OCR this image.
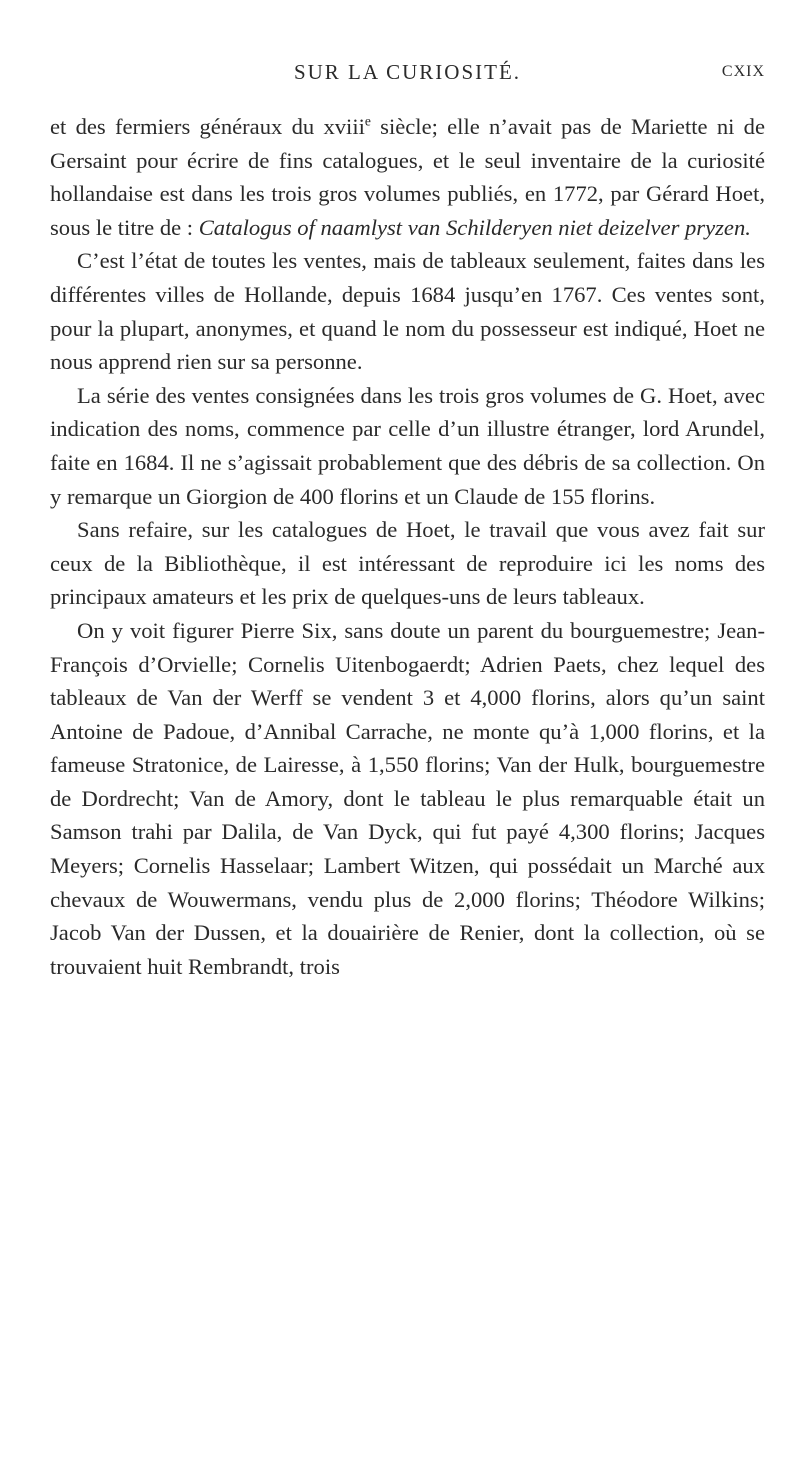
SUR LA CURIOSITÉ.	CXIX

et des fermiers généraux du xviii$^e$ siècle; elle n’avait pas de Mariette ni de Gersaint pour écrire de fins catalogues, et le seul inventaire de la curiosité hollandaise est dans les trois gros volumes publiés, en 1772, par Gérard Hoet, sous le titre de : Catalogus of naamlyst van Schilderyen niet deizelver pryzen.

C’est l’état de toutes les ventes, mais de tableaux seulement, faites dans les différentes villes de Hollande, depuis 1684 jusqu’en 1767. Ces ventes sont, pour la plupart, anonymes, et quand le nom du possesseur est indiqué, Hoet ne nous apprend rien sur sa personne.

La série des ventes consignées dans les trois gros volumes de G. Hoet, avec indication des noms, commence par celle d’un illustre étranger, lord Arundel, faite en 1684. Il ne s’agissait probablement que des débris de sa collection. On y remarque un Giorgion de 400 florins et un Claude de 155 florins.

Sans refaire, sur les catalogues de Hoet, le travail que vous avez fait sur ceux de la Bibliothèque, il est intéressant de reproduire ici les noms des principaux amateurs et les prix de quelques-uns de leurs tableaux.

On y voit figurer Pierre Six, sans doute un parent du bourguemestre; Jean-François d’Orvielle; Cornelis Uitenbogaerdt; Adrien Paets, chez lequel des tableaux de Van der Werff se vendent 3 et 4,000 florins, alors qu’un saint Antoine de Padoue, d’Annibal Carrache, ne monte qu’à 1,000 florins, et la fameuse Stratonice, de Lairesse, à 1,550 florins; Van der Hulk, bourguemestre de Dordrecht; Van de Amory, dont le tableau le plus remarquable était un Samson trahi par Dalila, de Van Dyck, qui fut payé 4,300 florins; Jacques Meyers; Cornelis Hasselaar; Lambert Witzen, qui possédait un Marché aux chevaux de Wouwermans, vendu plus de 2,000 florins; Théodore Wilkins; Jacob Van der Dussen, et la douairière de Renier, dont la collection, où se trouvaient huit Rembrandt, trois
